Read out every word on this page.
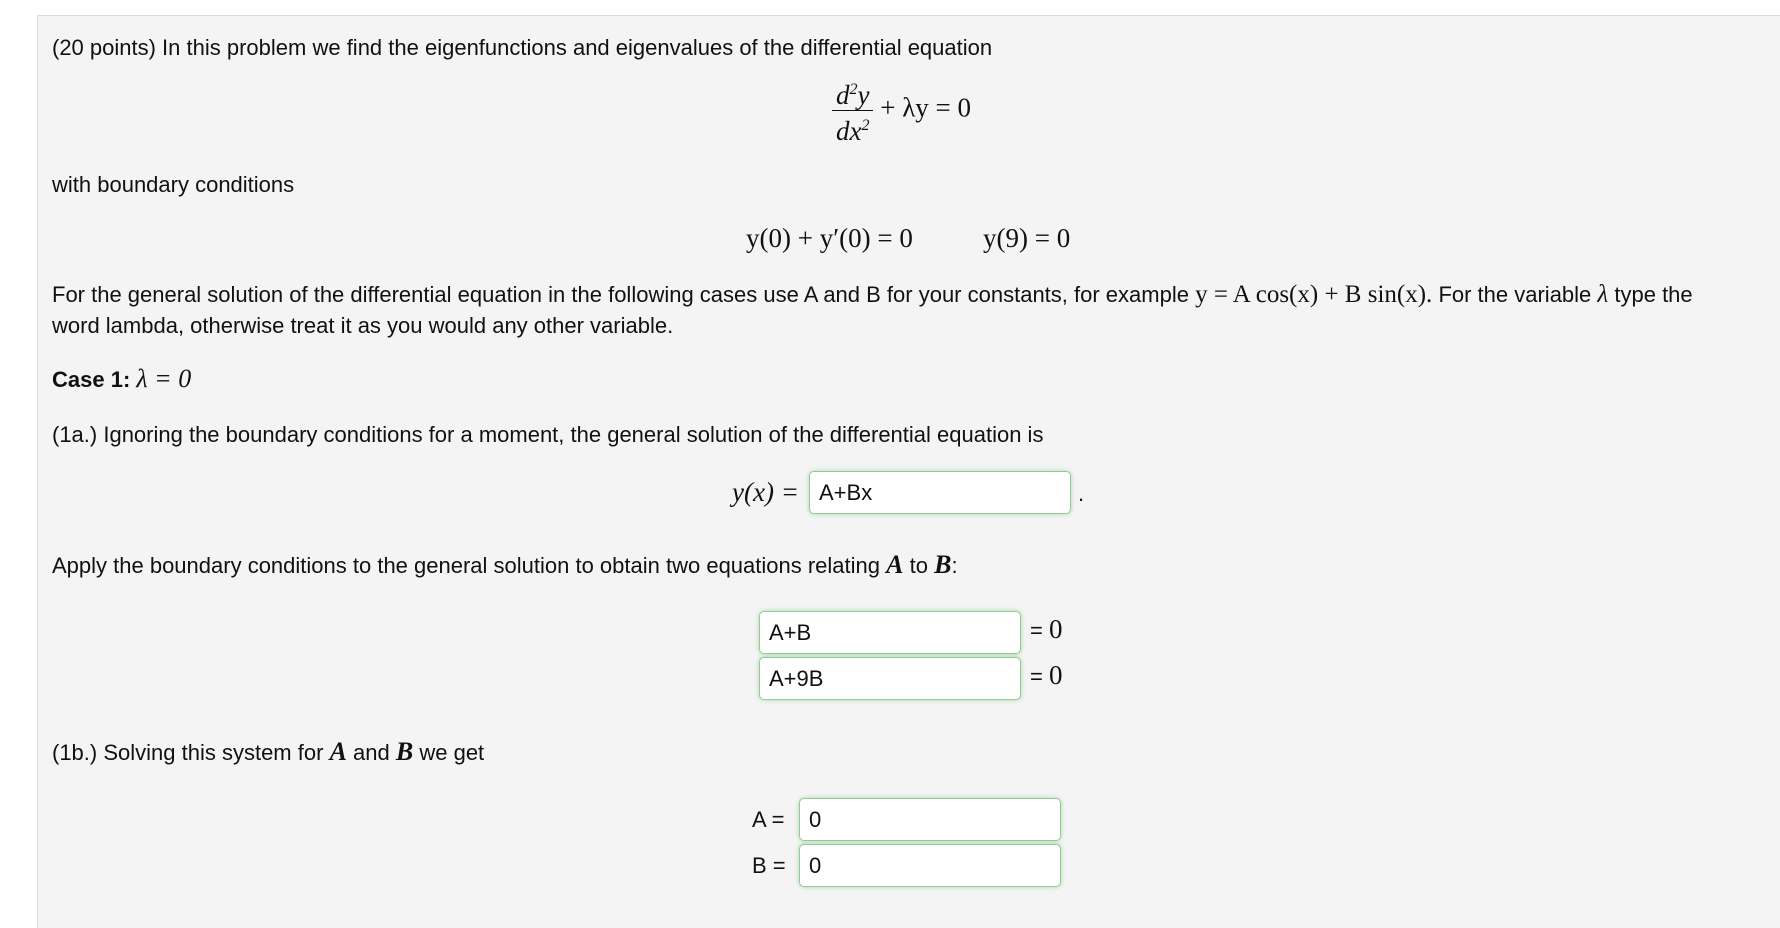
(20 points) In this problem we find the eigenfunctions and eigenvalues of the differential equation
$\frac{d^2y}{dx^2} + \lambda y = 0$
with boundary conditions
y(0) + y′(0) = 0	y(9) = 0
For the general solution of the differential equation in the following cases use A and B for your constants, for example y = A cos(x) + B sin(x). For the variable λ type the
word lambda, otherwise treat it as you would any other variable.
Case 1: λ = 0
(1a.) Ignoring the boundary conditions for a moment, the general solution of the differential equation is
y(x) =
A+Bx	.
Apply the boundary conditions to the general solution to obtain two equations relating A to B:
A+B
= 0
A+9B
= 0
(1b.) Solving this system for A and B we get
A =
0
B =
0
